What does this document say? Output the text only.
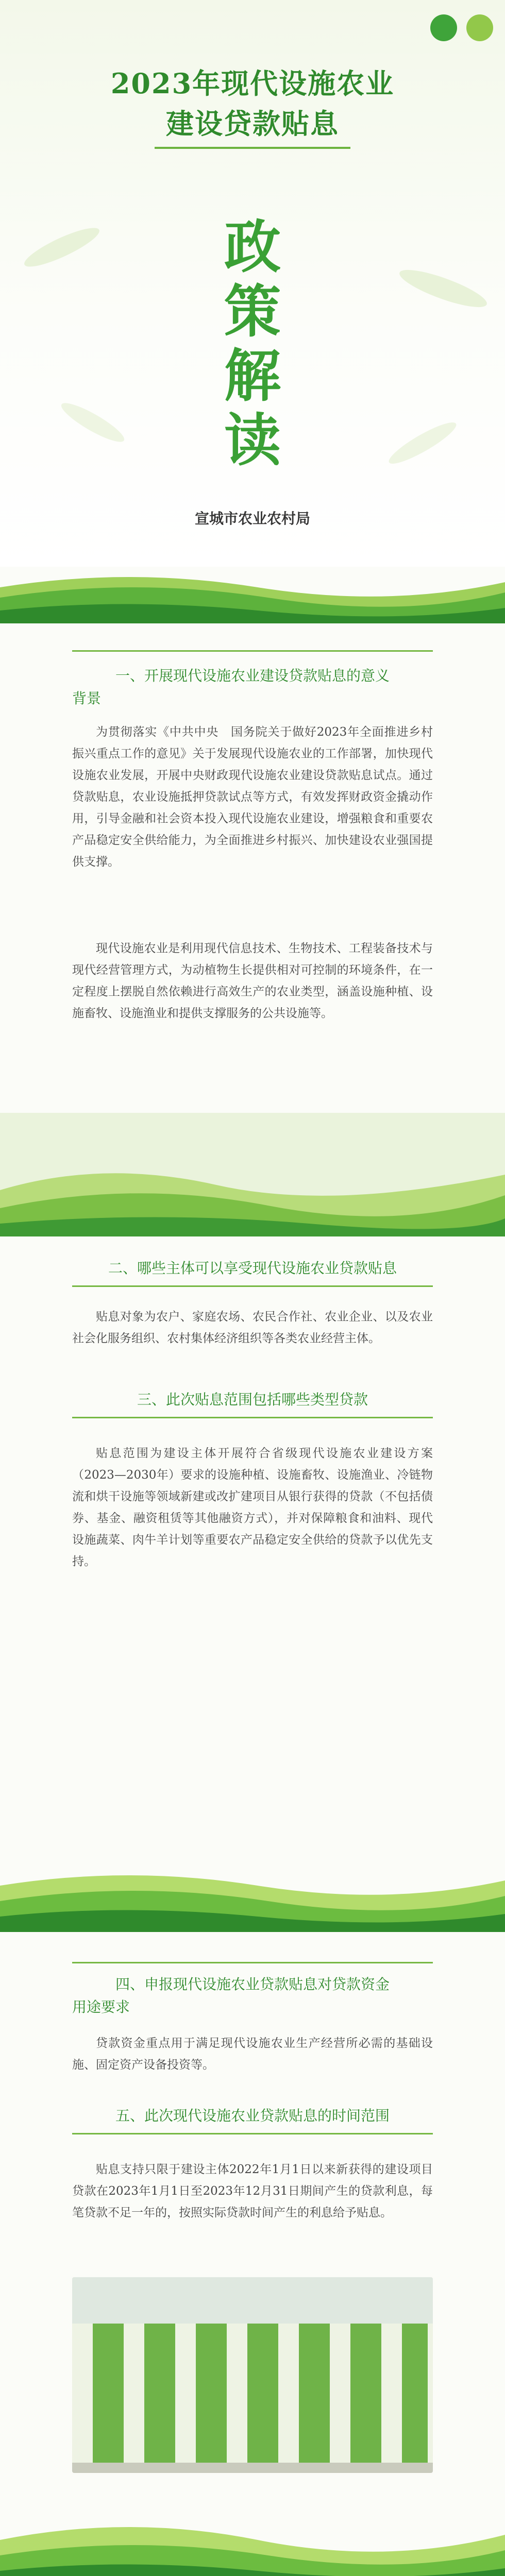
2023年现代设施农业
建设贷款贴息
政
策
解
读
宣城市农业农村局
一、开展现代设施农业建设贷款贴息的意义
背景

为贯彻落实《中共中央　国务院关于做好2023年全面推进乡村振兴重点工作的意见》关于发展现代设施农业的工作部署，加快现代设施农业发展，开展中央财政现代设施农业建设贷款贴息试点。通过贷款贴息，农业设施抵押贷款试点等方式，有效发挥财政资金撬动作用，引导金融和社会资本投入现代设施农业建设，增强粮食和重要农产品稳定安全供给能力，为全面推进乡村振兴、加快建设农业强国提供支撑。

现代设施农业是利用现代信息技术、生物技术、工程装备技术与现代经营管理方式，为动植物生长提供相对可控制的环境条件，在一定程度上摆脱自然依赖进行高效生产的农业类型，涵盖设施种植、设施畜牧、设施渔业和提供支撑服务的公共设施等。

二、哪些主体可以享受现代设施农业贷款贴息

贴息对象为农户、家庭农场、农民合作社、农业企业、以及农业社会化服务组织、农村集体经济组织等各类农业经营主体。

三、此次贴息范围包括哪些类型贷款

贴息范围为建设主体开展符合省级现代设施农业建设方案（2023—2030年）要求的设施种植、设施畜牧、设施渔业、冷链物流和烘干设施等领域新建或改扩建项目从银行获得的贷款（不包括债券、基金、融资租赁等其他融资方式），并对保障粮食和油料、现代设施蔬菜、肉牛羊计划等重要农产品稳定安全供给的贷款予以优先支持。

四、申报现代设施农业贷款贴息对贷款资金
用途要求

贷款资金重点用于满足现代设施农业生产经营所必需的基础设施、固定资产设备投资等。

五、此次现代设施农业贷款贴息的时间范围

贴息支持只限于建设主体2022年1月1日以来新获得的建设项目贷款在2023年1月1日至2023年12月31日期间产生的贷款利息，每笔贷款不足一年的，按照实际贷款时间产生的利息给予贴息。
